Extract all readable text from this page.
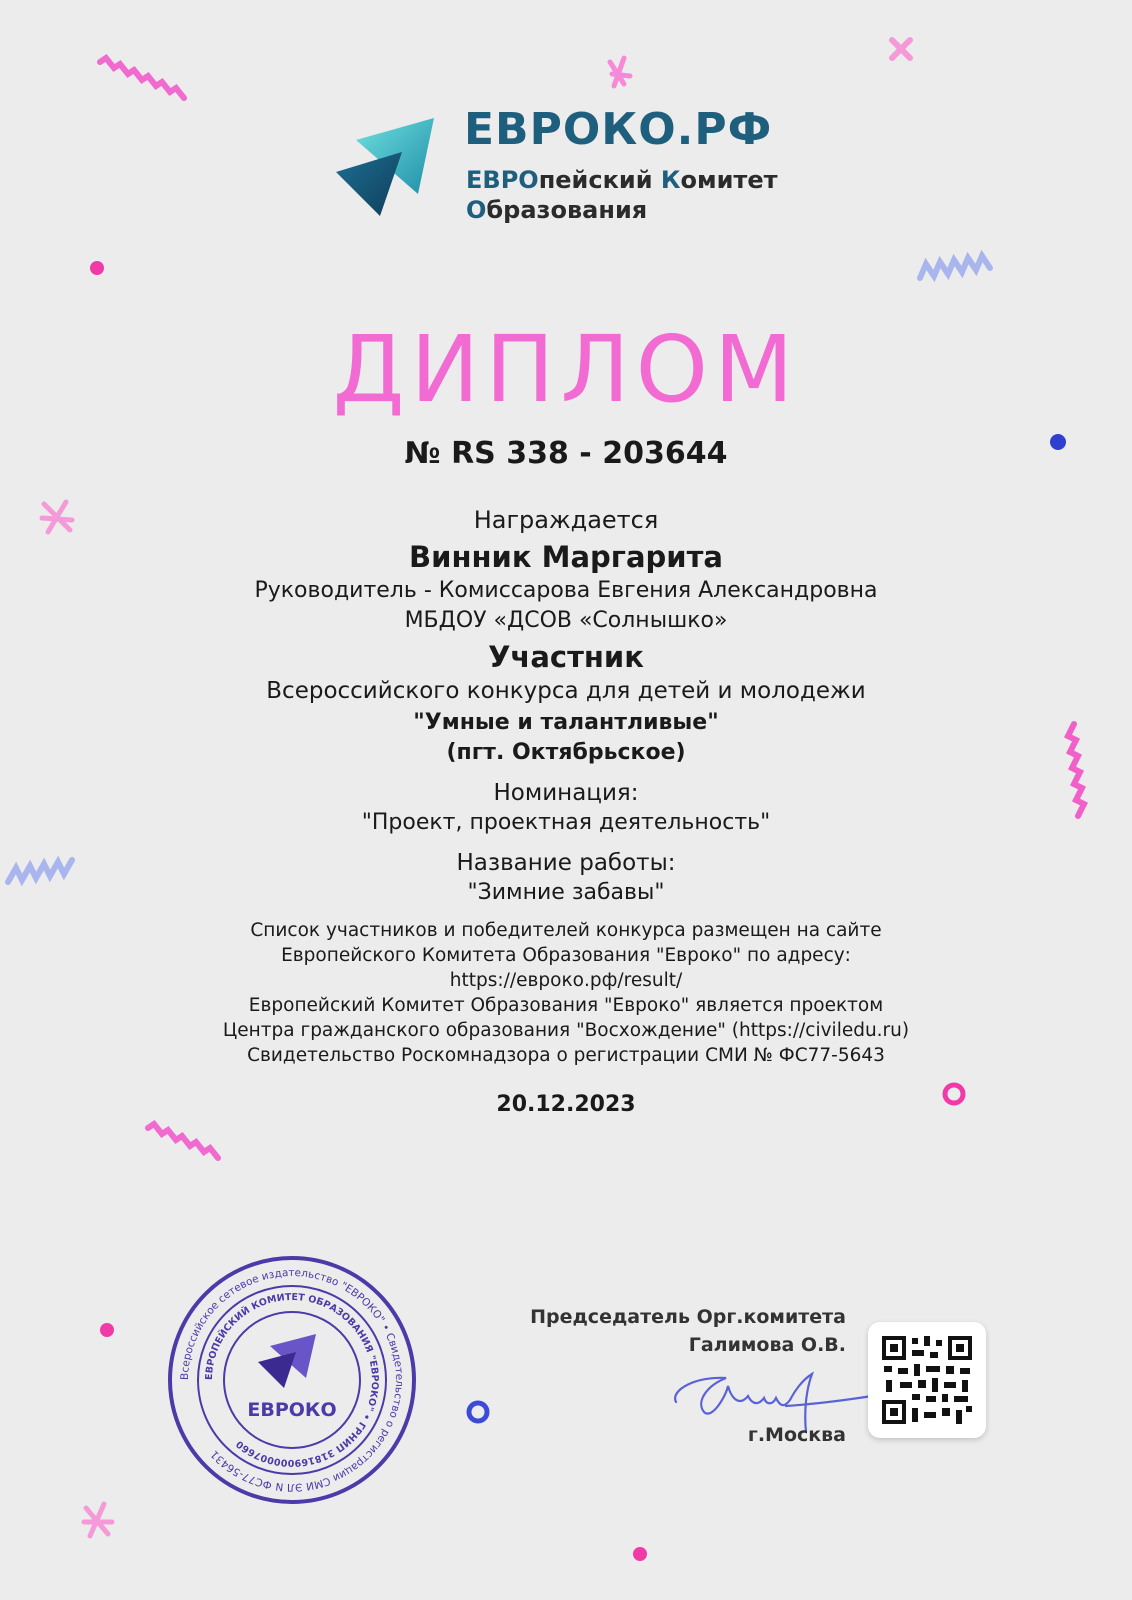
ЕВРОКО.РФ
ЕВРОпейский Комитет
Образования
ДИПЛОМ
№ RS 338 - 203644
Награждается
Винник Маргарита
Руководитель - Комиссарова Евгения Александровна
МБДОУ «ДСОВ «Солнышко»
Участник
Всероссийского конкурса для детей и молодежи
"Умные и талантливые"
(пгт. Октябрьское)
Номинация:
"Проект, проектная деятельность"
Название работы:
"Зимние забавы"
Список участников и победителей конкурса размещен на сайте
Европейского Комитета Образования "Евроко" по адресу:
https://евроко.рф/result/
Европейский Комитет Образования "Евроко" является проектом
Центра гражданского образования "Восхождение" (https://civiledu.ru)
Свидетельство Роскомнадзора о регистрации СМИ № ФС77-5643
20.12.2023
Всероссийское сетевое издательство "ЕВРОКО" • Свидетельство о регистрации СМИ ЭЛ N ФС77-56431
ЕВРОПЕЙСКИЙ КОМИТЕТ ОБРАЗОВАНИЯ "ЕВРОКО" • ГРНИП 318169000007660
ЕВРОКО
Председатель Орг.комитета
Галимова О.В.
г.Москва
